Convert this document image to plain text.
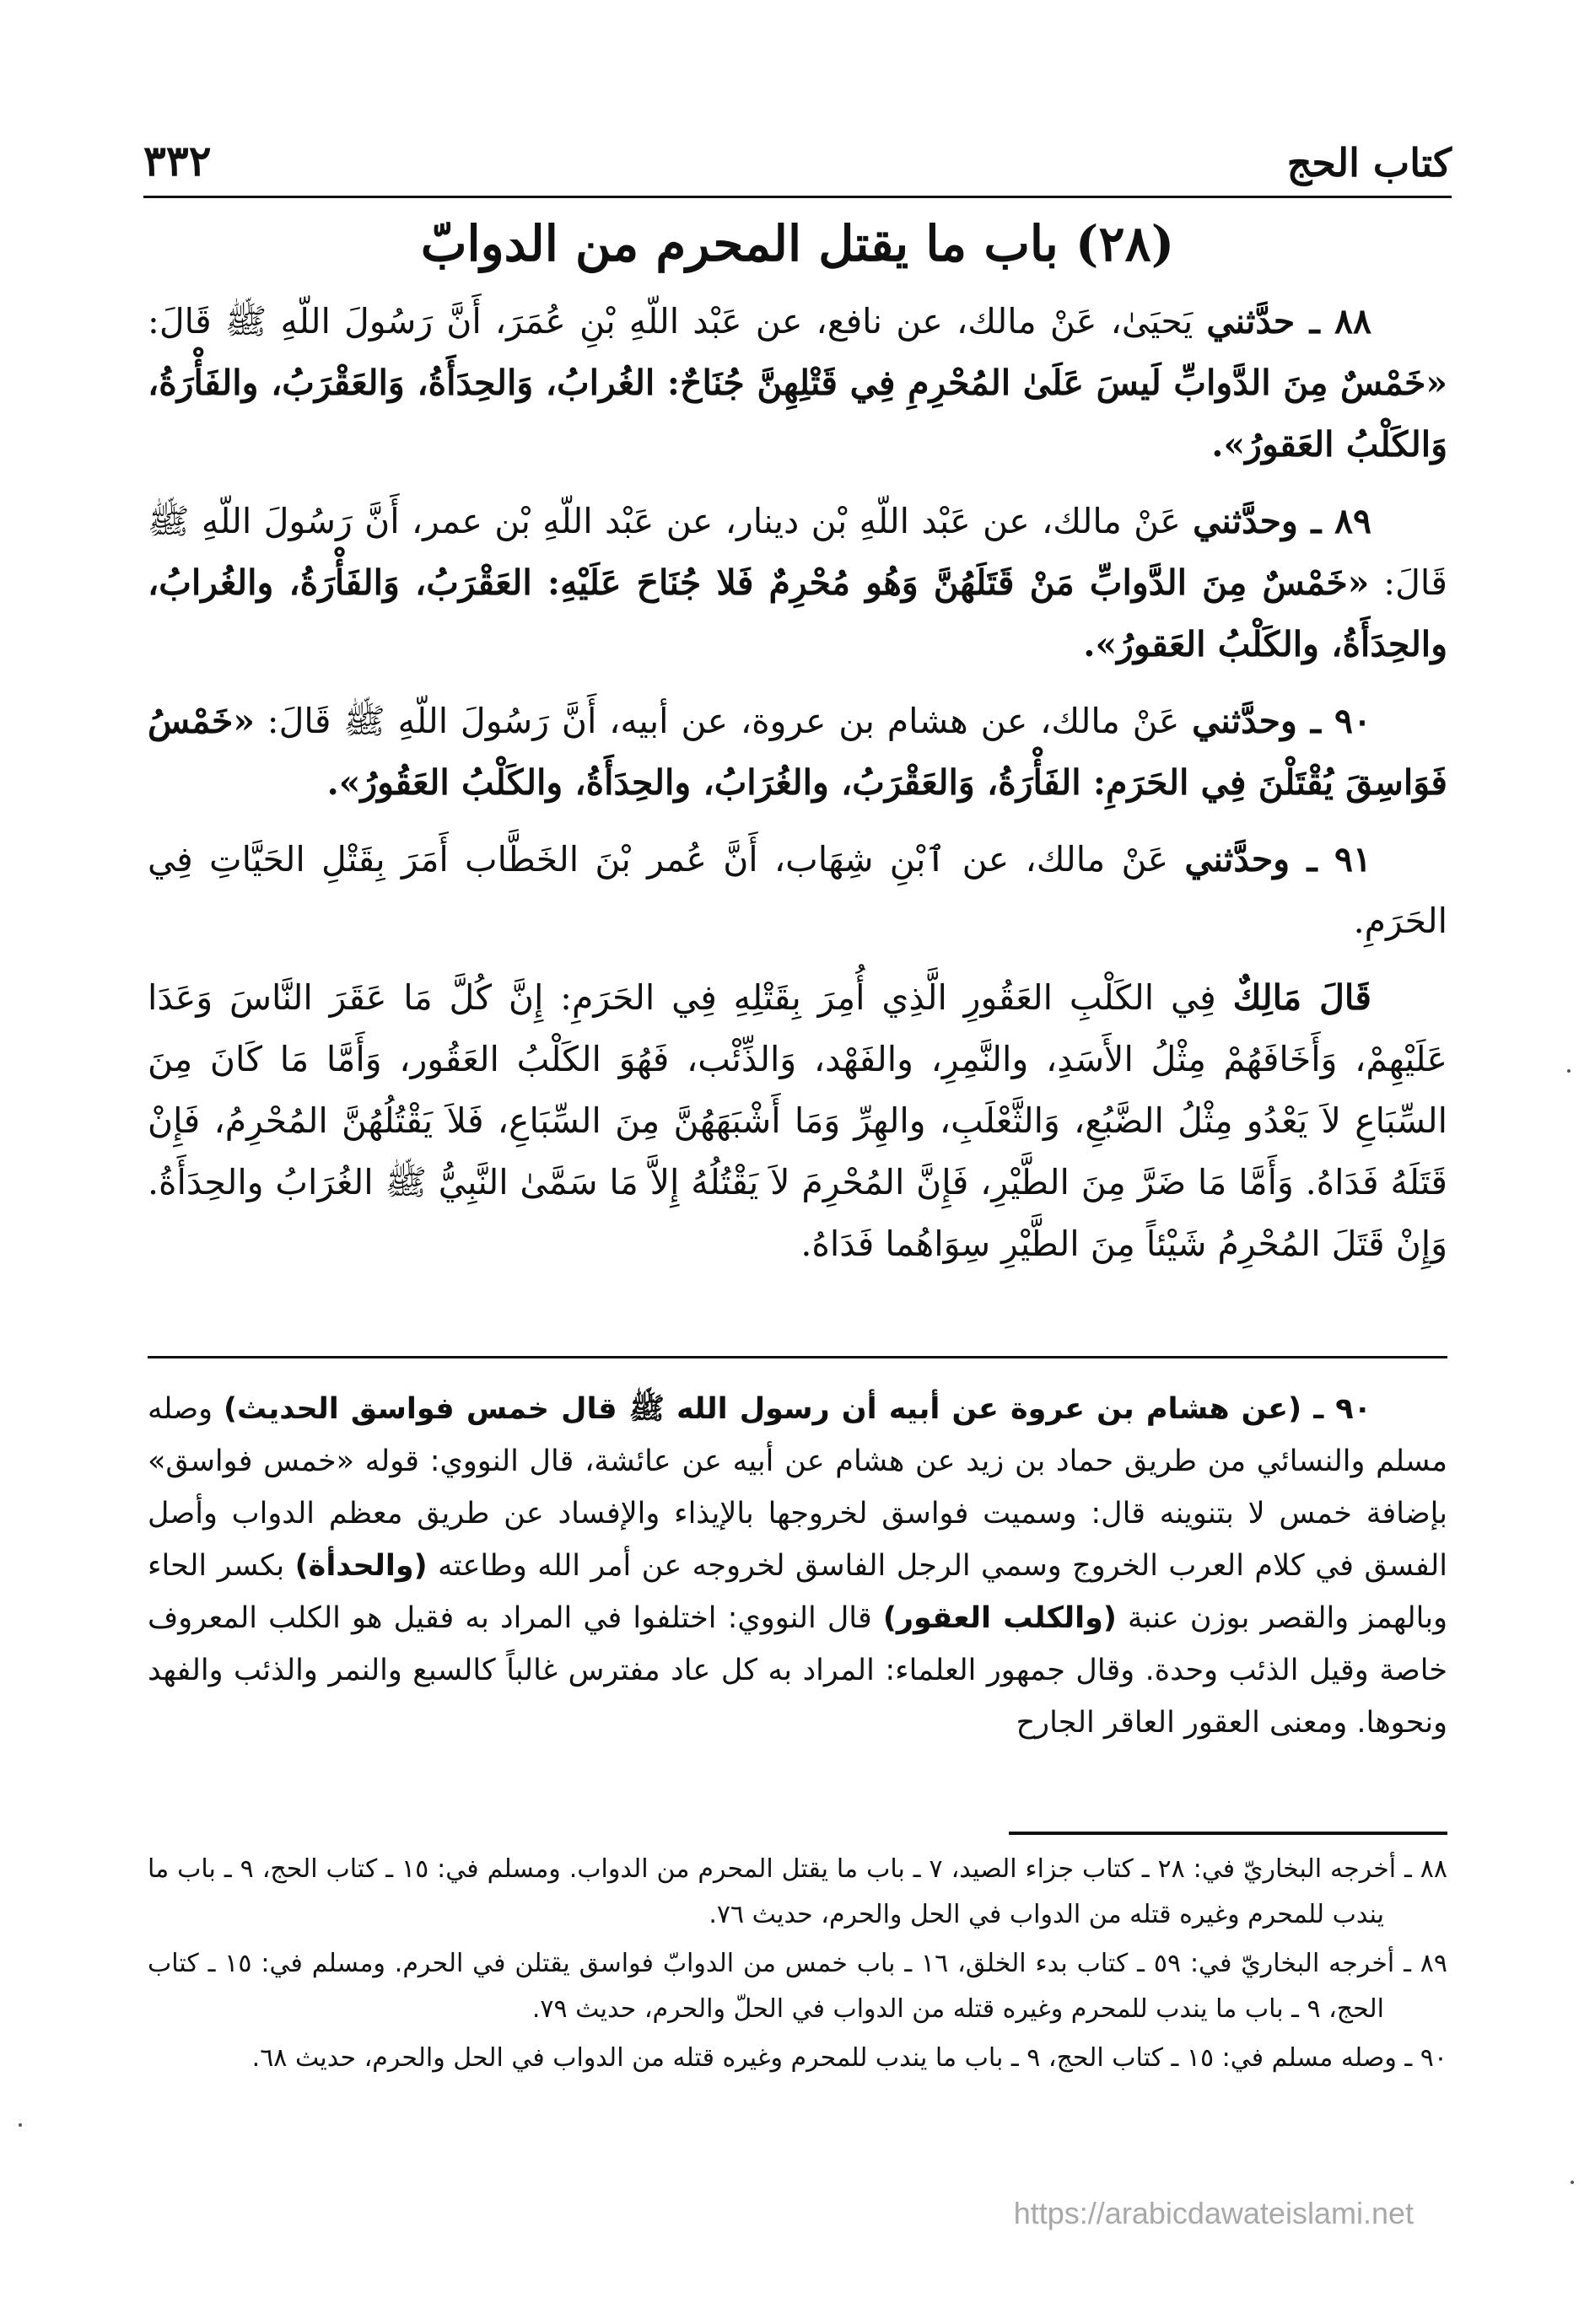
كتاب الحج
٣٣٢
(٢٨) باب ما يقتل المحرم من الدوابّ

٨٨ ـ حدَّثني يَحيَىٰ، عَنْ مالك، عن نافع، عن عَبْد اللّهِ بْنِ عُمَرَ، أَنَّ رَسُولَ اللّهِ ﷺ قَالَ: «خَمْسٌ مِنَ الدَّوابِّ لَيسَ عَلَىٰ المُحْرِمِ فِي قَتْلِهِنَّ جُنَاحٌ: الغُرابُ، وَالحِدَأَةُ، وَالعَقْرَبُ، والفَأْرَةُ، وَالكَلْبُ العَقورُ».

٨٩ ـ وحدَّثني عَنْ مالك، عن عَبْد اللّهِ بْن دينار، عن عَبْد اللّهِ بْن عمر، أَنَّ رَسُولَ اللّهِ ﷺ قَالَ: «خَمْسٌ مِنَ الدَّوابِّ مَنْ قَتَلَهُنَّ وَهُو مُحْرِمٌ فَلا جُنَاحَ عَلَيْهِ: العَقْرَبُ، وَالفَأْرَةُ، والغُرابُ، والحِدَأَةُ، والكَلْبُ العَقورُ».

٩٠ ـ وحدَّثني عَنْ مالك، عن هشام بن عروة، عن أبيه، أَنَّ رَسُولَ اللّهِ ﷺ قَالَ: «خَمْسُ فَوَاسِقَ يُقْتَلْنَ فِي الحَرَمِ: الفَأْرَةُ، وَالعَقْرَبُ، والغُرَابُ، والحِدَأَةُ، والكَلْبُ العَقُورُ».

٩١ ـ وحدَّثني عَنْ مالك، عن ٱبْنِ شِهَاب، أَنَّ عُمر بْنَ الخَطَّاب أَمَرَ بِقَتْلِ الحَيَّاتِ فِي الحَرَمِ.

قَالَ مَالِكٌ فِي الكَلْبِ العَقُورِ الَّذِي أُمِرَ بِقَتْلِهِ فِي الحَرَمِ: إِنَّ كُلَّ مَا عَقَرَ النَّاسَ وَعَدَا عَلَيْهِمْ، وَأَخَافَهُمْ مِثْلُ الأَسَدِ، والنَّمِرِ، والفَهْد، وَالذِّئْب، فَهُوَ الكَلْبُ العَقُور، وَأَمَّا مَا كَانَ مِنَ السِّبَاعِ لاَ يَعْدُو مِثْلُ الضَّبُعِ، وَالثَّعْلَبِ، والهِرِّ وَمَا أَشْبَهَهُنَّ مِنَ السِّبَاعِ، فَلاَ يَقْتُلُهُنَّ المُحْرِمُ، فَإِنْ قَتَلَهُ فَدَاهُ. وَأَمَّا مَا ضَرَّ مِنَ الطَّيْرِ، فَإِنَّ المُحْرِمَ لاَ يَقْتُلُهُ إِلاَّ مَا سَمَّىٰ النَّبِيُّ ﷺ الغُرَابُ والحِدَأَةُ. وَإِنْ قَتَلَ المُحْرِمُ شَيْئاً مِنَ الطَّيْرِ سِوَاهُما فَدَاهُ.

٩٠ ـ (عن هشام بن عروة عن أبيه أن رسول الله ﷺ قال خمس فواسق الحديث) وصله مسلم والنسائي من طريق حماد بن زيد عن هشام عن أبيه عن عائشة، قال النووي: قوله «خمس فواسق» بإضافة خمس لا بتنوينه قال: وسميت فواسق لخروجها بالإيذاء والإفساد عن طريق معظم الدواب وأصل الفسق في كلام العرب الخروج وسمي الرجل الفاسق لخروجه عن أمر الله وطاعته (والحدأة) بكسر الحاء وبالهمز والقصر بوزن عنبة (والكلب العقور) قال النووي: اختلفوا في المراد به فقيل هو الكلب المعروف خاصة وقيل الذئب وحدة. وقال جمهور العلماء: المراد به كل عاد مفترس غالباً كالسبع والنمر والذئب والفهد ونحوها. ومعنى العقور العاقر الجارح

٨٨ ـ أخرجه البخاريّ في: ٢٨ ـ كتاب جزاء الصيد، ٧ ـ باب ما يقتل المحرم من الدواب. ومسلم في: ١٥ ـ كتاب الحج، ٩ ـ باب ما يندب للمحرم وغيره قتله من الدواب في الحل والحرم، حديث ٧٦.

٨٩ ـ أخرجه البخاريّ في: ٥٩ ـ كتاب بدء الخلق، ١٦ ـ باب خمس من الدوابّ فواسق يقتلن في الحرم. ومسلم في: ١٥ ـ كتاب الحج، ٩ ـ باب ما يندب للمحرم وغيره قتله من الدواب في الحلّ والحرم، حديث ٧٩.

٩٠ ـ وصله مسلم في: ١٥ ـ كتاب الحج، ٩ ـ باب ما يندب للمحرم وغيره قتله من الدواب في الحل والحرم، حديث ٦٨.

https://arabicdawateislami.net
